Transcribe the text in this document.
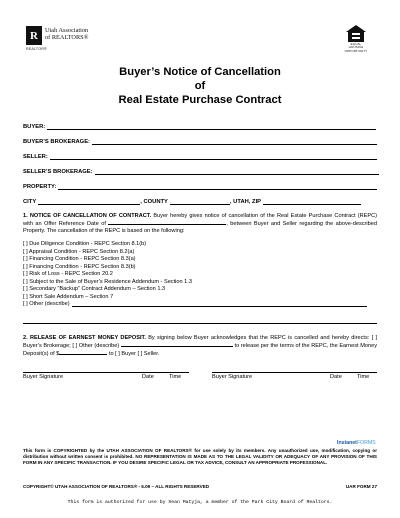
R	Utah Association
of REALTORS®
REALTOR®
EQUAL HOUSING OPPORTUNITY
Buyer’s Notice of Cancellation
of
Real Estate Purchase Contract
BUYER:
BUYER’S BROKERAGE:
SELLER:
SELLER’S BROKERAGE:
PROPERTY:
CITY	, COUNTY	, UTAH, ZIP
1. NOTICE OF CANCELLATION OF CONTRACT. Buyer hereby gives notice of cancellation of the Real Estate Purchase Contract (REPC) with an Offer Reference Date of	, between Buyer and Seller regarding the above-described Property. The cancellation of the REPC is based on the following:
[ ] Due Diligence Condition - REPC Section 8.1(b)
[ ] Appraisal Condition - REPC Section 8.2(a)
[ ] Financing Condition - REPC Section 8.3(a)
[ ] Financing Condition - REPC Section 8.3(b)
[ ] Risk of Loss - REPC Section 20.2
[ ] Subject to the Sale of Buyer’s Residence Addendum - Section 1.3
[ ] Secondary “Backup” Contract Addendum – Section 1.3
[ ] Short Sale Addendum – Section 7
[ ] Other (describe)
2. RELEASE OF EARNEST MONEY DEPOSIT. By signing below Buyer acknowledges that the REPC is cancelled and hereby directs: [ ] Buyer’s Brokerage; [ ] Other (describe)	to release per the terms of the REPC, the Earnest Money Deposit(s) of $	to [ ] Buyer [ ] Seller.
Buyer Signature	Date	Time	Buyer Signature	Date	Time
InstanetFORMS
This form is COPYRIGHTED by the UTAH ASSOCIATION OF REALTORS® for use solely by its members. Any unauthorized use, modification, copying or distribution without written consent is prohibited. NO REPRESENTATION IS MADE AS TO THE LEGAL VALIDITY OR ADEQUACY OF ANY PROVISION OF THIS FORM IN ANY SPECIFIC TRANSACTION. IF YOU DESIRE SPECIFIC LEGAL OR TAX ADVICE, CONSULT AN APPROPRIATE PROFESSIONAL.
COPYRIGHT© UTAH ASSOCIATION OF REALTORS® - 5.09 – ALL RIGHTS RESERVED	UAR FORM 27
This form is authorized for use by Sean Matyja, a member of the Park City Board of Realtors.
